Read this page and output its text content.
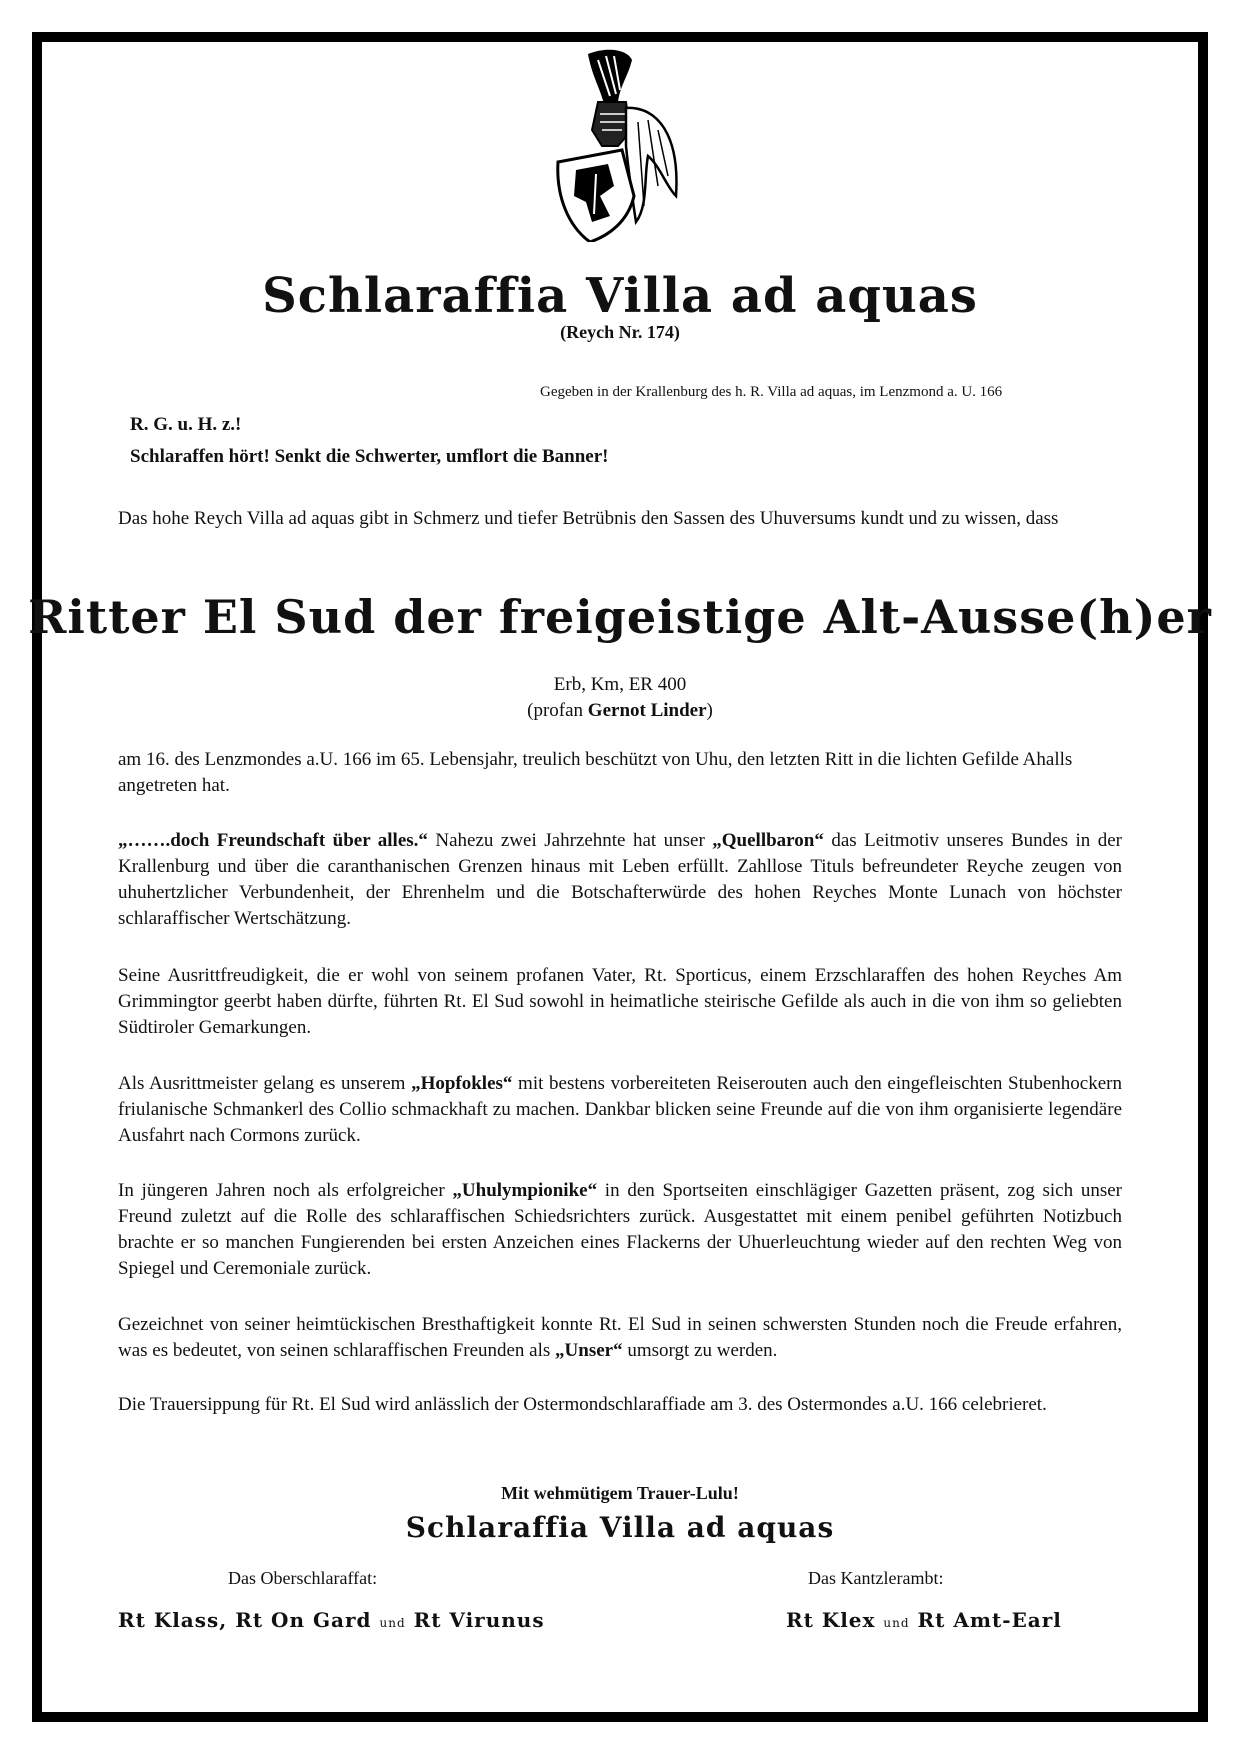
Schlaraffia Villa ad aquas
(Reych Nr. 174)
Gegeben in der Krallenburg des h. R. Villa ad aquas, im Lenzmond a. U. 166
R. G. u. H. z.!
Schlaraffen hört! Senkt die Schwerter, umflort die Banner!

Das hohe Reych Villa ad aquas gibt in Schmerz und tiefer Betrübnis den Sassen des Uhuversums kundt und zu wissen, dass

Ritter El Sud der freigeistige Alt-Ausse(h)er
Erb, Km, ER 400
(profan Gernot Linder)

am 16. des Lenzmondes a.U. 166 im 65. Lebensjahr, treulich beschützt von Uhu, den letzten Ritt in die lichten Gefilde Ahalls angetreten hat.

„…….doch Freundschaft über alles.“ Nahezu zwei Jahrzehnte hat unser „Quellbaron“ das Leitmotiv unseres Bundes in der Krallenburg und über die caranthanischen Grenzen hinaus mit Leben erfüllt. Zahllose Tituls befreundeter Reyche zeugen von uhuhertzlicher Verbundenheit, der Ehrenhelm und die Botschafterwürde des hohen Reyches Monte Lunach von höchster schlaraffischer Wertschätzung.

Seine Ausrittfreudigkeit, die er wohl von seinem profanen Vater, Rt. Sporticus, einem Erzschlaraffen des hohen Reyches Am Grimmingtor geerbt haben dürfte, führten Rt. El Sud sowohl in heimatliche steirische Gefilde als auch in die von ihm so geliebten Südtiroler Gemarkungen.

Als Ausrittmeister gelang es unserem „Hopfokles“ mit bestens vorbereiteten Reiserouten auch den eingefleischten Stubenhockern friulanische Schmankerl des Collio schmackhaft zu machen. Dankbar blicken seine Freunde auf die von ihm organisierte legendäre Ausfahrt nach Cormons zurück.

In jüngeren Jahren noch als erfolgreicher „Uhulympionike“ in den Sportseiten einschlägiger Gazetten präsent, zog sich unser Freund zuletzt auf die Rolle des schlaraffischen Schiedsrichters zurück. Ausgestattet mit einem penibel geführten Notizbuch brachte er so manchen Fungierenden bei ersten Anzeichen eines Flackerns der Uhuerleuchtung wieder auf den rechten Weg von Spiegel und Ceremoniale zurück.

Gezeichnet von seiner heimtückischen Bresthaftigkeit konnte Rt. El Sud in seinen schwersten Stunden noch die Freude erfahren, was es bedeutet, von seinen schlaraffischen Freunden als „Unser“ umsorgt zu werden.

Die Trauersippung für Rt. El Sud wird anlässlich der Ostermondschlaraffiade am 3. des Ostermondes a.U. 166 celebrieret.

Mit wehmütigem Trauer-Lulu!
Schlaraffia Villa ad aquas
Das Oberschlaraffat:	Das Kantzlerambt:
Rt Klass, Rt On Gard und Rt Virunus	Rt Klex und Rt Amt-Earl
